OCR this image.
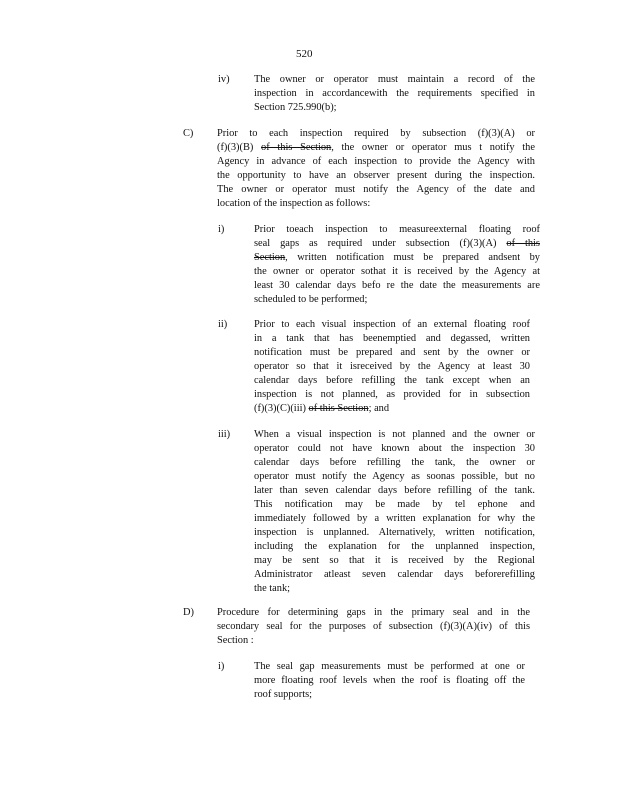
520
iv) The owner or operator must maintain a record of the
inspection in accordancewith the requirements specified in
Section 725.990(b);
C) Prior to each inspection required by subsection (f)(3)(A) or
(f)(3)(B) of this Section, the owner or operator mus t notify the
Agency in advance of each inspection to provide the Agency with
the opportunity to have an observer present during the inspection.
The owner or operator must notify the Agency of the date and
location of the inspection as follows:
i)	Prior toeach inspection to measureexternal floating roof
seal gaps as required under subsection (f)(3)(A) of this
Section, written notification must be prepared andsent by
the owner or operator sothat it is received by the Agency at
least 30 calendar days befo re the date the measurements are
scheduled to be performed;
ii)	Prior to each visual inspection of an external floating roof
in a tank that has beenemptied and degassed, written
notification must be prepared and sent by the owner or
operator so that it isreceived by the Agency at least 30
calendar days before refilling the tank except when an
inspection is not planned, as provided for in subsection
(f)(3)(C)(iii) of this Section; and
iii) When a visual inspection is not planned and the owner or
operator could not have known about the inspection 30
calendar days before refilling the tank, the owner or
operator must notify the Agency as soonas possible, but no
later than seven calendar days before refilling of the tank.
This notification may be made by tel ephone and
immediately followed by a written explanation for why the
inspection is unplanned. Alternatively, written notification,
including the explanation for the unplanned inspection,
may be sent so that it is received by the Regional
Administrator atleast seven calendar days beforerefilling
the tank;
D) Procedure for determining gaps in the primary seal and in the
secondary seal for the purposes of subsection (f)(3)(A)(iv) of this
Section :
i)	The seal gap measurements must be performed at one or
more floating roof levels when the roof is floating off the
roof supports;
